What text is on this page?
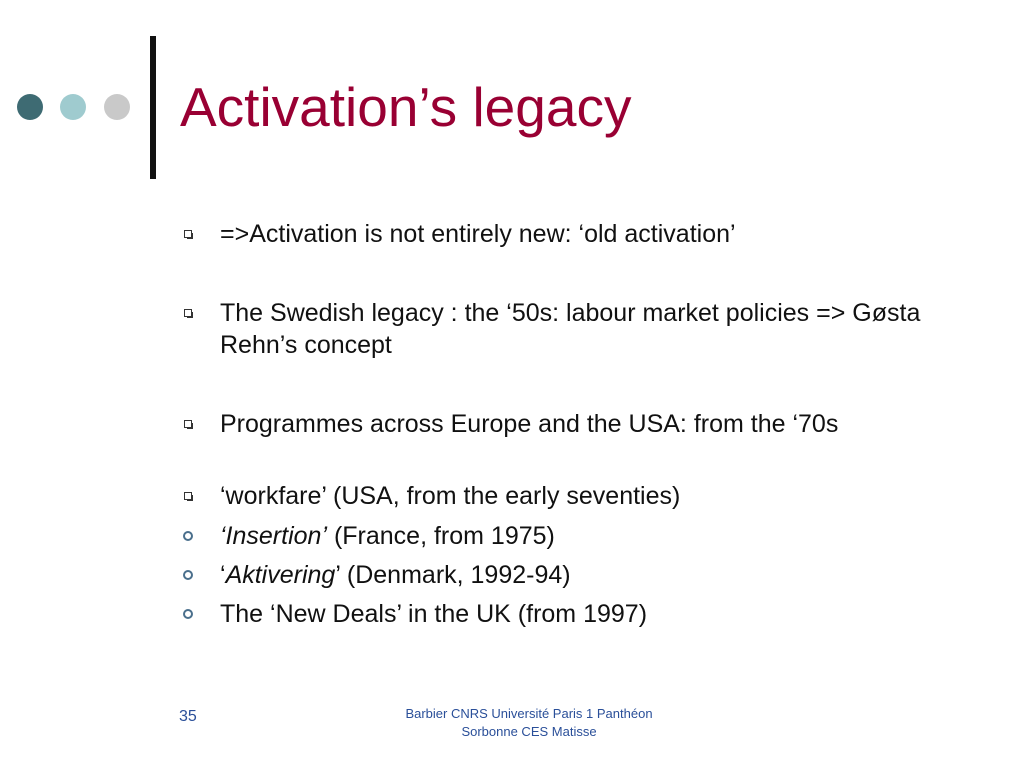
Activation’s legacy
=>Activation is not entirely new: ‘old activation’
The Swedish legacy : the ‘50s: labour market policies => Gøsta Rehn’s concept
Programmes across Europe and the USA: from the ‘70s
‘workfare’ (USA, from the early seventies)
‘Insertion’ (France, from 1975)
‘Aktivering’ (Denmark, 1992-94)
The ‘New Deals’ in the UK (from 1997)
35	Barbier CNRS Université Paris 1 Panthéon
Sorbonne CES Matisse
